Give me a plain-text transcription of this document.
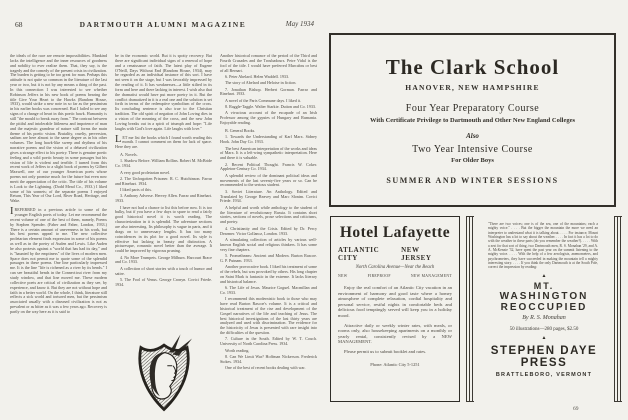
68	DARTMOUTH ALUMNI MAGAZINE	May 1934
the ideals of the race are remote impossibilities. Mankind lacks the intelligence and the inner resources of goodness and nobility to ever realize them. That, they say, is the tragedy and the comedy of the present crisis in civilization. The burden is getting to be too great for man. Perhaps this attitude is not quite so common in the literature of the last year or two, but it is not by any means a thing of the past. In this connection I was interested to see whether Robinson Jeffers in his new book of poems bearing the title Give Your Heart to the Hawks (Random House, 1933), would strike a new note in so far as the pessimism in his earlier books was concerned. But I failed to see any signs of a change of heart in this poetic hawk. Humanity is still "the mould to break away from." The contrast between the pitiful and intolerable littleness and impotence of man and the majestic grandeur of nature still forms the main theme of his poetic vision. Brutality, cruelty, perversion, sadism are here almost to the same degree as in his other volumes. The long hawk-like sweep and rhythms of his narrative poems and the vision of a debased civilization gives a strange effect to his poetry. There is genuine poetic feeling and a wild poetic beauty in some passages but his vision of life is violent and terrible. I turned from this recent work of Jeffers to a slight book of poems by Gilbert Maxwell, one of our younger American poets whose poems not only promise much for the future but even now merit the appreciation of the critic. The title of his volume is Look to the Lightning. (Dodd Mead Co., 1933.) I liked some of his sonnets; of the separate poems I enjoyed Return, This Year of Our Lord, River Road, Heritage, and Wake.
IREFERRED in a previous article to some of the younger English poets of today. Let me recommend the recent volume of one of the best of them, namely, Poems by Stephen Spender. (Faber and Faber, London, 1933.) There is a certain amount of unevenness in his work, but his best poems appeal to me. The new collective proletarian element finds expression in some of his poems as well as in the poetry of Auden and Lewis. Like Auden he also protests against a "world that has had its day," and is "haunted by the emptiness" of the lives of modern men. Space does not permit me to quote some of the splendid passages in these poems. One line particularly impressed me. It is the line "life is richened as a river by its bends." I can see beautiful bends in the Connecticut river from my study window, and that line moved me. These modern collective poets are critical of civilization as they see, by experience, and know it. But they are not without hope and faith in a better world. On the whole, I think, literature still reflects a sick world and tortured men, but the pessimism associated usually with a diseased civilization is not as prevalent or as bitter as it was a few years ago. Recovery is partly on the way here as it is said to
be in the economic world. But it is spotty recovery. But there are significant individual signs of a renewal of hope and a renaissance of faith. The latest play of Eugene O'Neill, Days Without End (Random House, 1934), may be regarded as an individual instance of this sort. I have not seen it on the stage, but I was favorably impressed by the reading of it. It has weaknesses—a little stilted in its form and here and there lacking in interest. I wish also that the dramatist would have put more poetry in it. But the conflict dramatized in it is a real one and the solution is set forth in terms of the redemptive symbolism of the cross. Its concluding sentence is also true to the Christian tradition. The old spirit of negation of John Loving dies in a vision of the meaning of the cross, and the new John Loving breaks out in a spirit of triumph and hope: "Life laughs with God's love again. Life laughs with love."
LET me list the books which I found worth reading this month. I cannot comment on them for lack of space. Here they are.
A. Novels.
1. Shadow Before. William Rollins. Robert M. McBride Co. 1934.
A very good proletarian novel.
2. The Unforgotten Prisoner. R. C. Hutchinson. Farrar and Rinehart. 1934.
I liked parts of this.
3. Anthony Adverse. Hervey Allen. Farrar and Rinehart. 1933.
I have not had a chance to list this before now. It is too bulky, but if you have a few days to spare to read a fairly good historical novel it is worth reading. The characterization in it is splendid. The adventure sections are also interesting. Its philosophy is vague in parts, and it drags on to unnecessary lengths. It has too many coincidences in its plot for a good novel. Its style is effective but lacking in beauty and distinction. A picturesque, romantic novel better than the average. It could be improved by vigorous pruning.
4. No More Trumpets. George Milburn. Harcourt Brace and Co. 1933.
A collection of short stories with a touch of humor and satire.
5. The Fool of Venus. George Cronyn. Covici Friede. 1934.
Another historical romance of the period of the Third and Fourth Crusades and the Troubadours. Peire Vidal is the fool of the title. I would have preferred Marcabru or best of all Bernart.
6. Peter Abelard. Helen Waddell. 1933.
The story of Abelard and Heloise in fiction.
7. Jonathan Bishop. Herbert Gorman. Farrar and Rinehart. 1933.
A novel of the Paris Commune days. I liked it.
8. Raggle-Taggle. Walter Starkie. Dutton and Co. 1933.
A vivacious account of the escapade of an Irish Professor among the gypsies of Hungary and Rumania. Enjoyable reading.
B. General Books.
1. Towards the Understanding of Karl Marx. Sidney Hook. John Day Co. 1933.
The best American interpretation of the works and ideas of Marx. It is a left-wing sympathetic interpretation. Here and there it is valuable.
2. Recent Political Thought. Francis W. Coker. Appleton-Century Co. 1934.
A splendid review of the dominant political ideas and movements of the last seventy-five years or so. Can be recommended to the serious student.
3. Soviet Literature. An Anthology. Edited and Translated by George Reavey and Marc Slonim. Covici Friede. 1934.
A helpful and worth while anthology to the student of the literature of revolutionary Russia. It contains short stories, sections of novels, prose selections and criticisms, and poetry.
4. Christianity and the Crisis. Edited by Dr. Percy Dearmer. Victor Gollancz, London. 1933.
A stimulating collection of articles by various well-known English social and religious thinkers. It has some very fine chapters.
5. Prometheans: Ancient and Modern. Burton Rascoe. G. P. Putnam. 1933.
Another provocative book. I liked his treatment of some of the rebels, but was provoked by others. His long chapter on Saint Mark is fantastic in the extreme. It lacks literary and historical balance.
6. The Life of Jesus. Maurice Goguel. Macmillan and Co. 1933.
I recommend this modernistic book to those who may have read Burton Rascoe's volume. It is a critical and historical treatment of the rise and development of the Gospel narratives of the life and teaching of Jesus. The best historical investigations of the last thirty years are analyzed and used with discrimination. The evidence for the historicity of Jesus is presented with rare insight into the difficulties of the question.
7. Culture in the South. Edited by W. T. Couch. University of North Carolina Press. 1934.
Worth reading.
8. Can We Limit War? Hoffman Nickerson. Frederick Stokes. 1934.
One of the best of recent books dealing with war.
The Clark School
HANOVER, NEW HAMPSHIRE
Four Year Preparatory Course
With Certificate Privilege to Dartmouth and Other New England Colleges
Also
Two Year Intensive Course
For Older Boys
SUMMER AND WINTER SESSIONS
Hotel Lafayette
ATLANTIC CITY
NEW JERSEY
North Carolina Avenue—Near the Beach
NEW	FIREPROOF	NEW MANAGEMENT
Enjoy the real comfort of an Atlantic City vacation in an environment of harmony and good taste where a homey atmosphere of complete relaxation, cordial hospitality and personal service, restful nights in comfortable beds and delicious food temptingly served will keep you in a holiday mood.
Attractive daily or weekly winter rates, with meals, or rooms only, also housekeeping apartments on a monthly or yearly rental, consistently revised by a NEW MANAGEMENT.
Please permit us to submit booklet and rates.
Phone: Atlantic City 5-1251
"There are two voices; one is of the sea, one of the mountains; each a mighty voice." . . . . But the bigger the mountain the more we need an interpreter to understand what it is talking about. . . . . For instance, Mount Washington has a lot to say about the weather. . . . . In fact it has a lot to do with the weather in these parts (do you remember the weather?). . . . . With a zest for that sort of thing, two Dartmouth men, R. S. Monahan '29, and A. A. McKenzie '32, have spent the past year on the summit listening to the mighty voice. . . . . With the help of a few aerologists, anemometers, and psychrometers, they have succeeded in making the mountain tell a mighty interesting story. . . . . If you think the only Dartmouth is at the South Pole, correct the impression by reading:
▲
MT.
WASHINGTON
REOCCUPIED
By R. S. Monahan
50 illustrations—280 pages, $2.50
▲
STEPHEN DAYE PRESS
BRATTLEBORO, VERMONT
69
